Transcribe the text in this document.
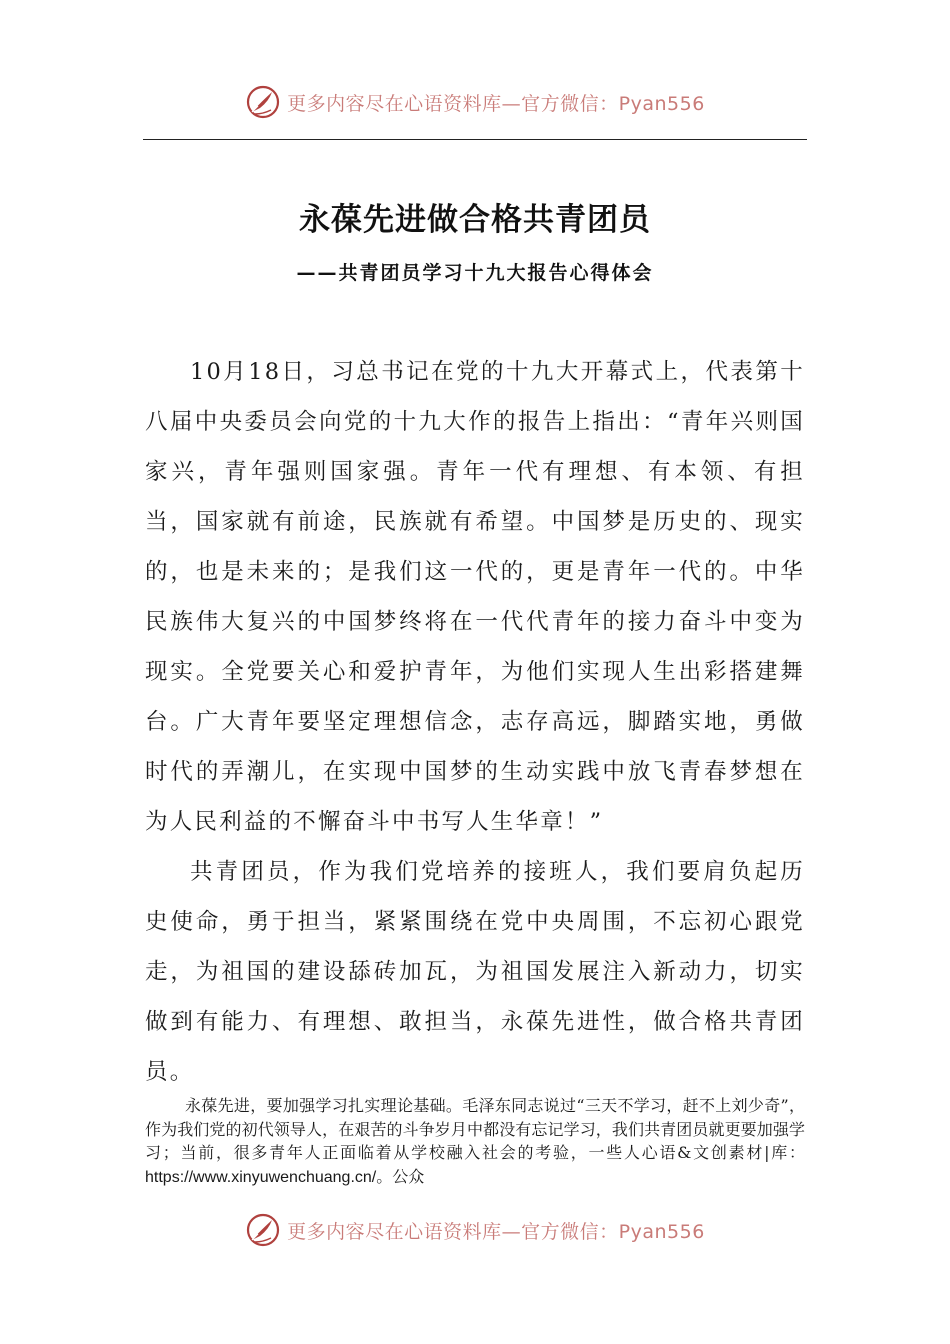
更多内容尽在心语资料库—官方微信：Pyan556
永葆先进做合格共青团员
——共青团员学习十九大报告心得体会

10月18日，习总书记在党的十九大开幕式上，代表第十八届中央委员会向党的十九大作的报告上指出：“青年兴则国家兴，青年强则国家强。青年一代有理想、有本领、有担当，国家就有前途，民族就有希望。中国梦是历史的、现实的，也是未来的；是我们这一代的，更是青年一代的。中华民族伟大复兴的中国梦终将在一代代青年的接力奋斗中变为现实。全党要关心和爱护青年，为他们实现人生出彩搭建舞台。广大青年要坚定理想信念，志存高远，脚踏实地，勇做时代的弄潮儿，在实现中国梦的生动实践中放飞青春梦想在为人民利益的不懈奋斗中书写人生华章！”

共青团员，作为我们党培养的接班人，我们要肩负起历史使命，勇于担当，紧紧围绕在党中央周围，不忘初心跟党走，为祖国的建设舔砖加瓦，为祖国发展注入新动力，切实做到有能力、有理想、敢担当，永葆先进性，做合格共青团员。

永葆先进，要加强学习扎实理论基础。毛泽东同志说过“三天不学习，赶不上刘少奇”，作为我们党的初代领导人，在艰苦的斗争岁月中都没有忘记学习，我们共青团员就更要加强学习；当前，很多青年人正面临着从学校融入社会的考验，一些人心语&文创素材|库：https://www.xinyuwenchuang.cn/。公众

更多内容尽在心语资料库—官方微信：Pyan556
